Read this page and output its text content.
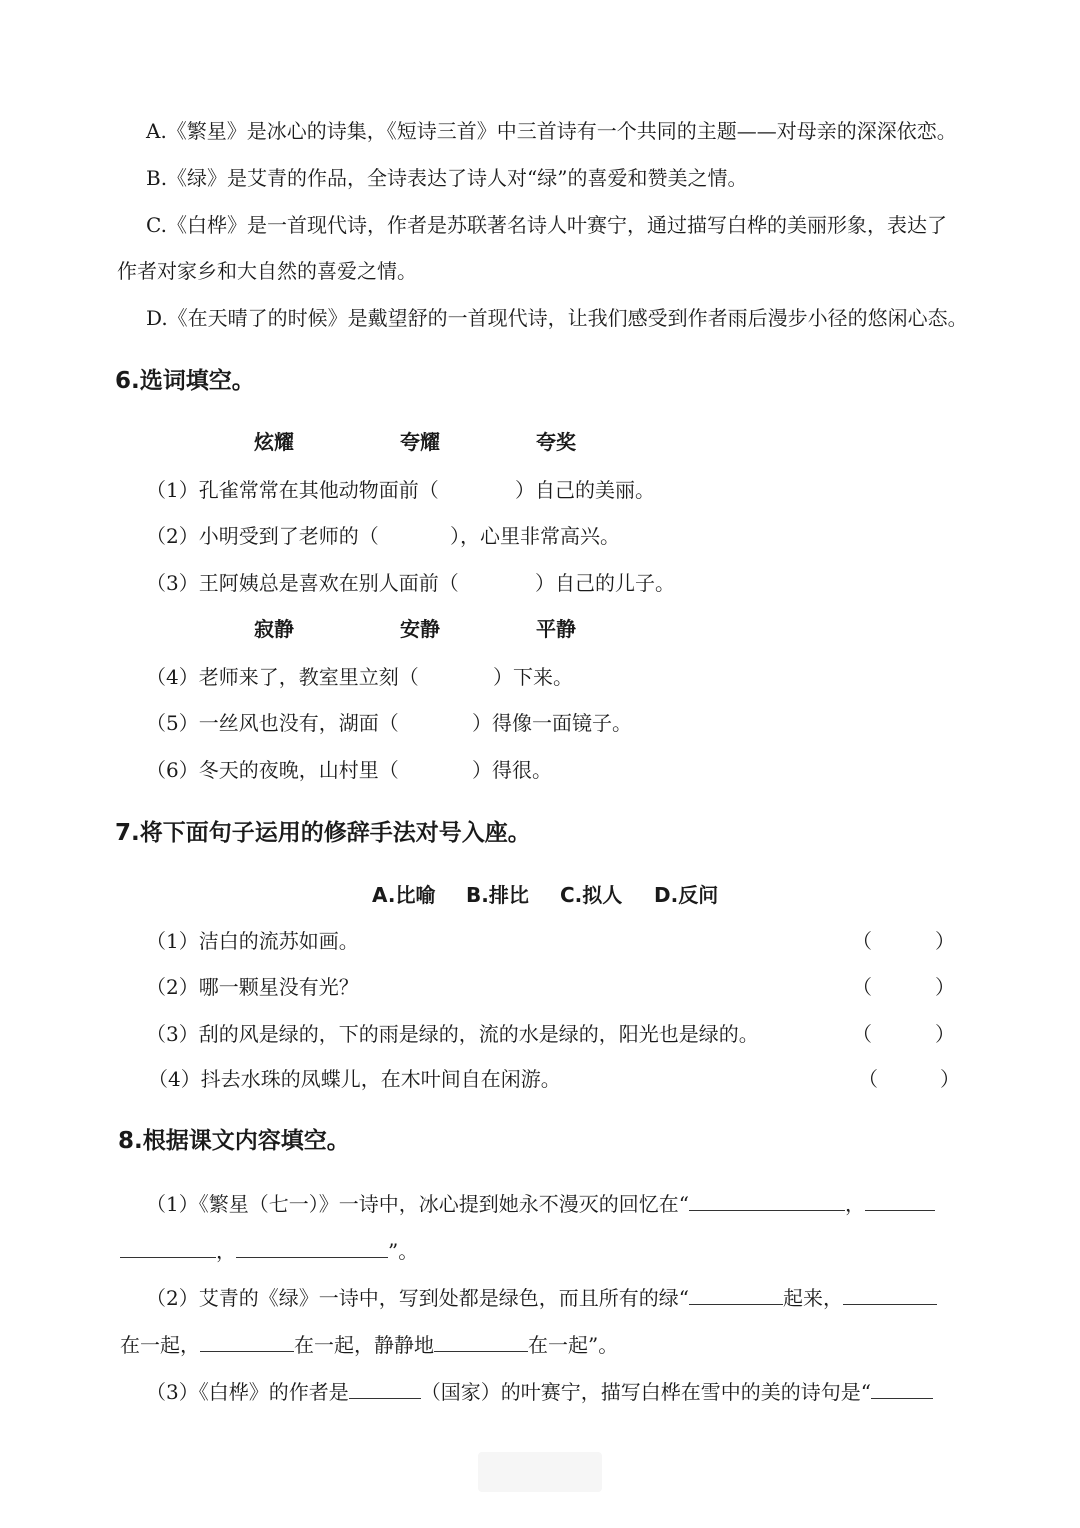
A.《繁星》是冰心的诗集，《短诗三首》中三首诗有一个共同的主题——对母亲的深深依恋。
B.《绿》是艾青的作品，全诗表达了诗人对“绿”的喜爱和赞美之情。
C.《白桦》是一首现代诗，作者是苏联著名诗人叶赛宁，通过描写白桦的美丽形象，表达了
作者对家乡和大自然的喜爱之情。
D.《在天晴了的时候》是戴望舒的一首现代诗，让我们感受到作者雨后漫步小径的悠闲心态。
6.选词填空。
炫耀	夸耀	夸奖
（1）孔雀常常在其他动物面前（	）自己的美丽。
（2）小明受到了老师的（	），心里非常高兴。
（3）王阿姨总是喜欢在别人面前（	）自己的儿子。
寂静	安静	平静
（4）老师来了，教室里立刻（	）下来。
（5）一丝风也没有，湖面（	）得像一面镜子。
（6）冬天的夜晚，山村里（	）得很。
7.将下面句子运用的修辞手法对号入座。
A.比喻 B.排比 C.拟人 D.反问
（1）洁白的流苏如画。	（	）
（2）哪一颗星没有光？	（	）
（3）刮的风是绿的，下的雨是绿的，流的水是绿的，阳光也是绿的。	（	）
（4）抖去水珠的凤蝶儿，在木叶间自在闲游。	（	）
8.根据课文内容填空。
（1）《繁星（七一）》一诗中，冰心提到她永不漫灭的回忆在“	，
，	”。
（2）艾青的《绿》一诗中，写到处都是绿色，而且所有的绿“	起来，
在一起，	在一起，静静地	在一起”。
（3）《白桦》的作者是	（国家）的叶赛宁，描写白桦在雪中的美的诗句是“
